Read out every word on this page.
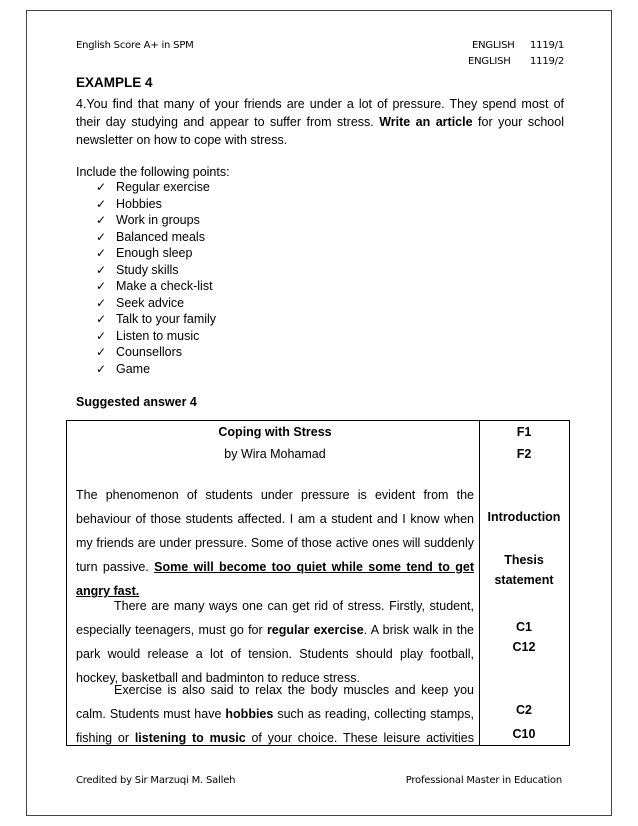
English Score A+ in SPM	ENGLISH 1119/1
ENGLISH 1119/2
EXAMPLE 4
4.You find that many of your friends are under a lot of pressure. They spend most of their day studying and appear to suffer from stress. Write an article for your school newsletter on how to cope with stress.
Include the following points:
✓ Regular exercise
✓ Hobbies
✓ Work in groups
✓ Balanced meals
✓ Enough sleep
✓ Study skills
✓ Make a check-list
✓ Seek advice
✓ Talk to your family
✓ Listen to music
✓ Counsellors
✓ Game
Suggested answer 4
Coping with Stress
by Wira Mohamad
F1
F2
The phenomenon of students under pressure is evident from the
behaviour of those students affected. I am a student and I know when
my friends are under pressure. Some of those active ones will suddenly
turn passive. Some will become too quiet while some tend to get
angry fast.
Introduction
Thesis
statement
There are many ways one can get rid of stress. Firstly, student,
especially teenagers, must go for regular exercise. A brisk walk in the
park would release a lot of tension. Students should play football,
hockey, basketball and badminton to reduce stress.
C1
C12
Exercise is also said to relax the body muscles and keep you
calm. Students must have hobbies such as reading, collecting stamps,
fishing or listening to music of your choice. These leisure activities
C2
C10
Credited by Sir Marzuqi M. Salleh	Professional Master in Education
